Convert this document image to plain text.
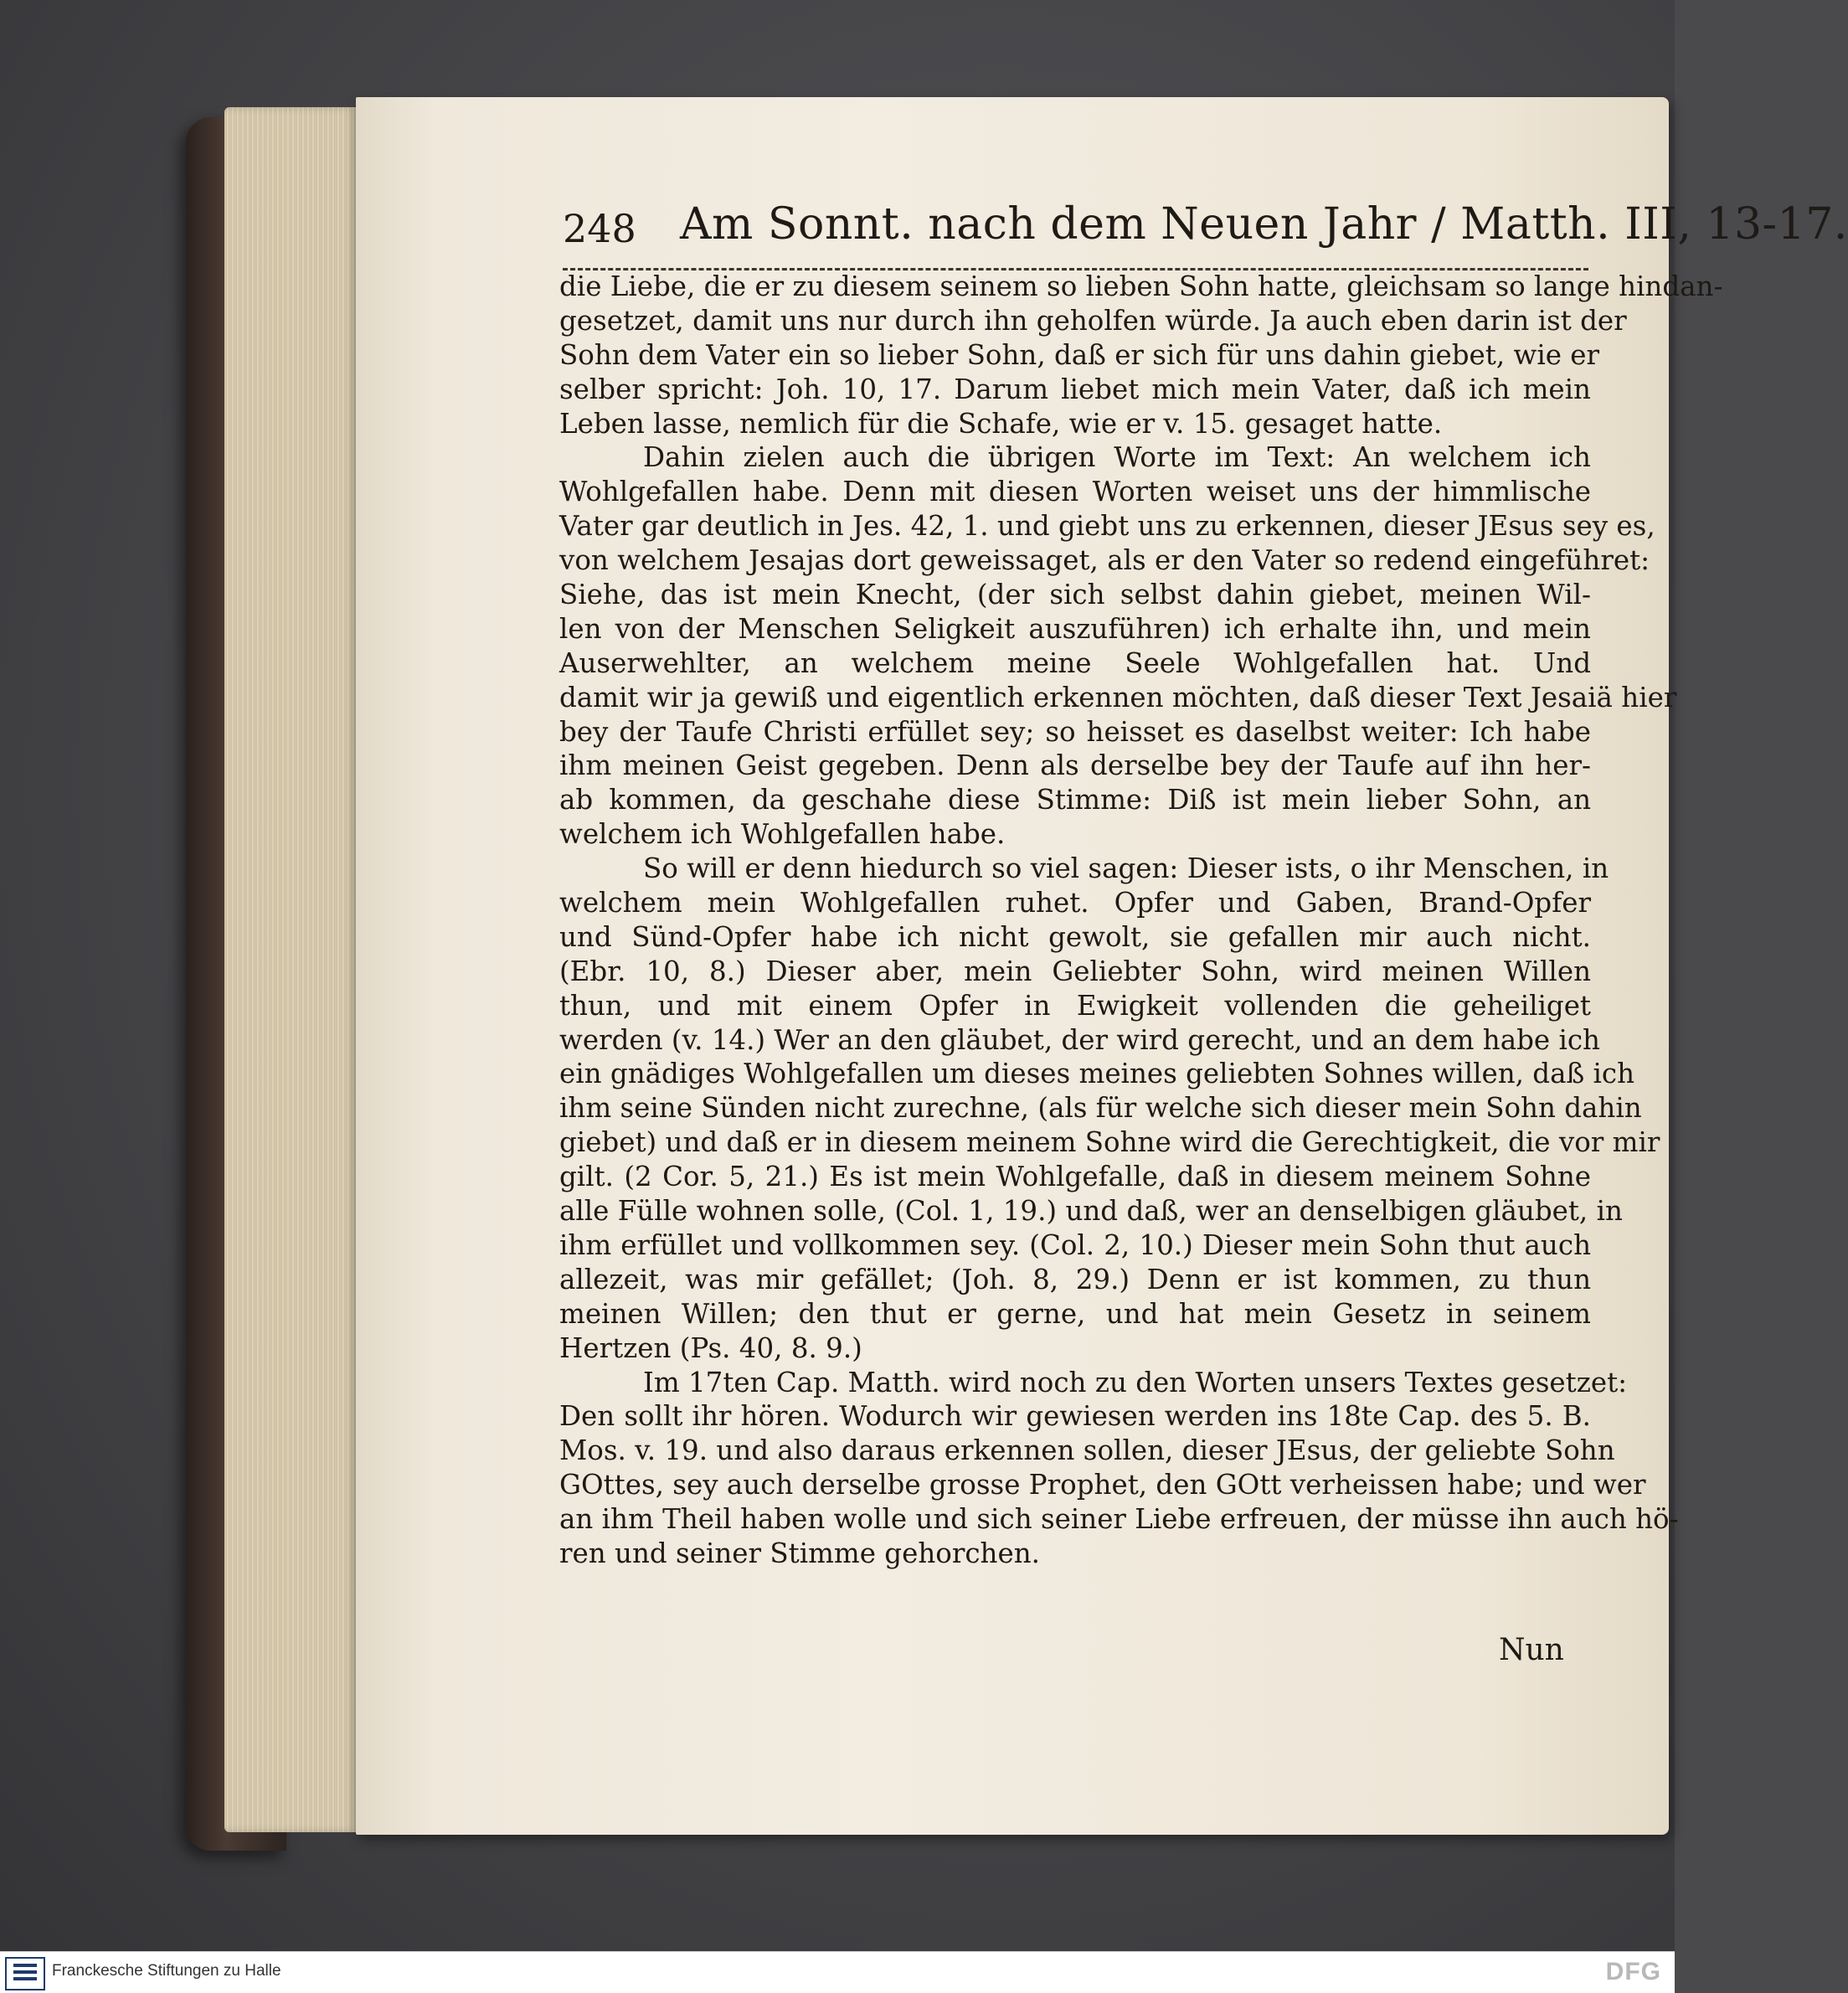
248 Am Sonnt. nach dem Neuen Jahr / Matth. III, 13-17.
die Liebe, die er zu diesem seinem so lieben Sohn hatte, gleichsam so lange hindan-
gesetzet, damit uns nur durch ihn geholfen würde. Ja auch eben darin ist der
Sohn dem Vater ein so lieber Sohn, daß er sich für uns dahin giebet, wie er
selber spricht: Joh. 10, 17. Darum liebet mich mein Vater, daß ich mein
Leben lasse, nemlich für die Schafe, wie er v. 15. gesaget hatte.
Dahin zielen auch die übrigen Worte im Text: An welchem ich
Wohlgefallen habe. Denn mit diesen Worten weiset uns der himmlische
Vater gar deutlich in Jes. 42, 1. und giebt uns zu erkennen, dieser JEsus sey es,
von welchem Jesajas dort geweissaget, als er den Vater so redend eingeführet:
Siehe, das ist mein Knecht, (der sich selbst dahin giebet, meinen Wil-
len von der Menschen Seligkeit auszuführen) ich erhalte ihn, und mein
Auserwehlter, an welchem meine Seele Wohlgefallen hat. Und
damit wir ja gewiß und eigentlich erkennen möchten, daß dieser Text Jesaiä hier
bey der Taufe Christi erfüllet sey; so heisset es daselbst weiter: Ich habe
ihm meinen Geist gegeben. Denn als derselbe bey der Taufe auf ihn her-
ab kommen, da geschahe diese Stimme: Diß ist mein lieber Sohn, an
welchem ich Wohlgefallen habe.
So will er denn hiedurch so viel sagen: Dieser ists, o ihr Menschen, in
welchem mein Wohlgefallen ruhet. Opfer und Gaben, Brand-Opfer
und Sünd-Opfer habe ich nicht gewolt, sie gefallen mir auch nicht.
(Ebr. 10, 8.) Dieser aber, mein Geliebter Sohn, wird meinen Willen
thun, und mit einem Opfer in Ewigkeit vollenden die geheiliget
werden (v. 14.) Wer an den gläubet, der wird gerecht, und an dem habe ich
ein gnädiges Wohlgefallen um dieses meines geliebten Sohnes willen, daß ich
ihm seine Sünden nicht zurechne, (als für welche sich dieser mein Sohn dahin
giebet) und daß er in diesem meinem Sohne wird die Gerechtigkeit, die vor mir
gilt. (2 Cor. 5, 21.) Es ist mein Wohlgefalle, daß in diesem meinem Sohne
alle Fülle wohnen solle, (Col. 1, 19.) und daß, wer an denselbigen gläubet, in
ihm erfüllet und vollkommen sey. (Col. 2, 10.) Dieser mein Sohn thut auch
allezeit, was mir gefället; (Joh. 8, 29.) Denn er ist kommen, zu thun
meinen Willen; den thut er gerne, und hat mein Gesetz in seinem
Hertzen (Ps. 40, 8. 9.)
Im 17ten Cap. Matth. wird noch zu den Worten unsers Textes gesetzet:
Den sollt ihr hören. Wodurch wir gewiesen werden ins 18te Cap. des 5. B.
Mos. v. 19. und also daraus erkennen sollen, dieser JEsus, der geliebte Sohn
GOttes, sey auch derselbe grosse Prophet, den GOtt verheissen habe; und wer
an ihm Theil haben wolle und sich seiner Liebe erfreuen, der müsse ihn auch hö-
ren und seiner Stimme gehorchen.
Nun
Franckesche Stiftungen zu Halle	DFG
